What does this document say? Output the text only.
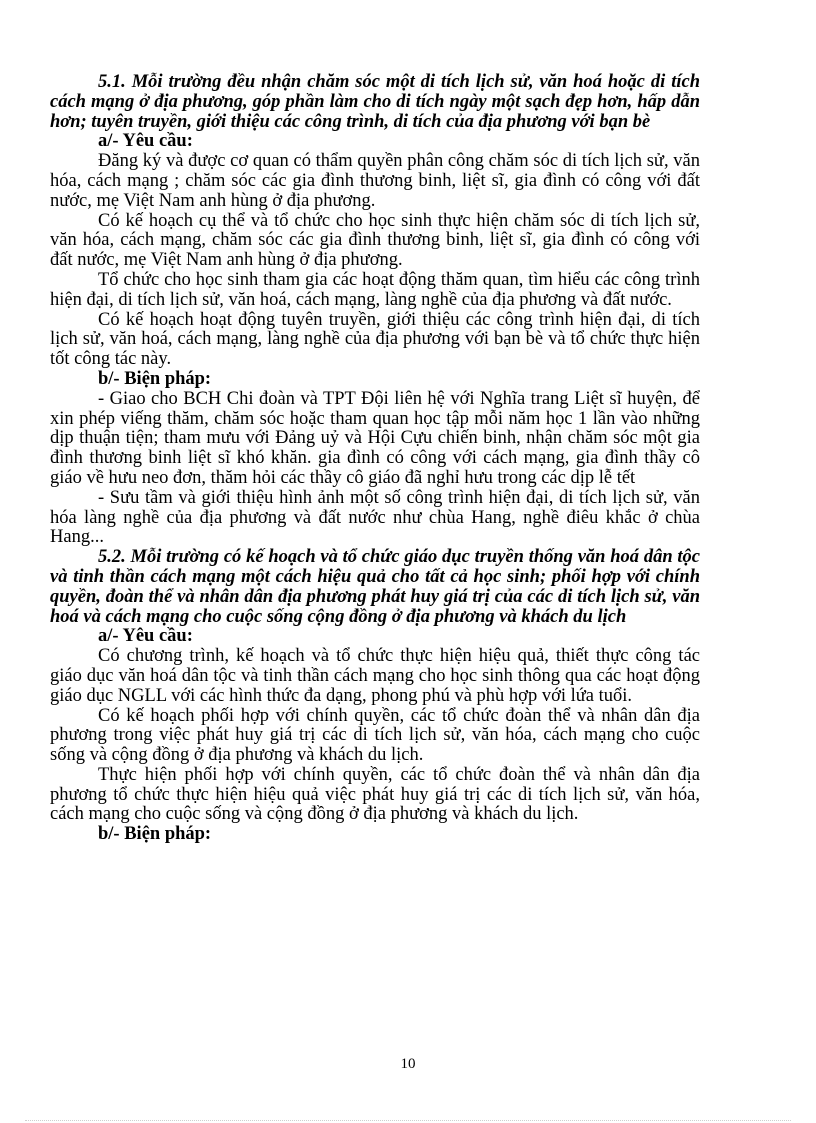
5.1. Mỗi trường đều nhận chăm sóc một di tích lịch sử, văn hoá hoặc di tích cách mạng ở địa phương, góp phần làm cho di tích ngày một sạch đẹp hơn, hấp dẫn hơn; tuyên truyền, giới thiệu các công trình, di tích của địa phương với bạn bè

a/- Yêu cầu:

Đăng ký và được cơ quan có thẩm quyền phân công chăm sóc di tích lịch sử, văn hóa, cách mạng ; chăm sóc các gia đình thương binh, liệt sĩ, gia đình có công với đất nước, mẹ Việt Nam anh hùng ở địa phương.

Có kế hoạch cụ thể và tổ chức cho học sinh thực hiện chăm sóc di tích lịch sử, văn hóa, cách mạng, chăm sóc các gia đình thương binh, liệt sĩ, gia đình có công với đất nước, mẹ Việt Nam anh hùng ở địa phương.

Tổ chức cho học sinh tham gia các hoạt động thăm quan, tìm hiểu các công trình hiện đại, di tích lịch sử, văn hoá, cách mạng, làng nghề của địa phương và đất nước.

Có kế hoạch hoạt động tuyên truyền, giới thiệu các công trình hiện đại, di tích lịch sử, văn hoá, cách mạng, làng nghề của địa phương với bạn bè và tổ chức thực hiện tốt công tác này.

b/- Biện pháp:

- Giao cho BCH Chi đoàn và TPT Đội liên hệ với Nghĩa trang Liệt sĩ huyện, để xin phép viếng thăm, chăm sóc hoặc tham quan học tập mỗi năm học 1 lần vào những dịp thuận tiện; tham mưu với Đảng uỷ và Hội Cựu chiến binh, nhận chăm sóc một gia đình thương binh liệt sĩ khó khăn. gia đình có công với cách mạng, gia đình thầy cô giáo về hưu neo đơn, thăm hỏi các thầy cô giáo đã nghỉ hưu trong các dịp lễ tết

- Sưu tầm và giới thiệu hình ảnh một số công trình hiện đại, di tích lịch sử, văn hóa làng nghề của địa phương và đất nước như chùa Hang, nghề điêu khắc ở chùa Hang...

5.2. Mỗi trường có kế hoạch và tổ chức giáo dục truyền thống văn hoá dân tộc và tinh thần cách mạng một cách hiệu quả cho tất cả học sinh; phối hợp với chính quyền, đoàn thể và nhân dân địa phương phát huy giá trị của các di tích lịch sử, văn hoá và cách mạng cho cuộc sống cộng đồng ở địa phương và khách du lịch

a/- Yêu cầu:

Có chương trình, kế hoạch và tổ chức thực hiện hiệu quả, thiết thực công tác giáo dục văn hoá dân tộc và tinh thần cách mạng cho học sinh thông qua các hoạt động giáo dục NGLL với các hình thức đa dạng, phong phú và phù hợp với lứa tuổi.

Có kế hoạch phối hợp với chính quyền, các tổ chức đoàn thể và nhân dân địa phương trong việc phát huy giá trị các di tích lịch sử, văn hóa, cách mạng cho cuộc sống và cộng đồng ở địa phương và khách du lịch.

Thực hiện phối hợp với chính quyền, các tổ chức đoàn thể và nhân dân địa phương tổ chức thực hiện hiệu quả việc phát huy giá trị các di tích lịch sử, văn hóa, cách mạng cho cuộc sống và cộng đồng ở địa phương và khách du lịch.

b/- Biện pháp:

10
